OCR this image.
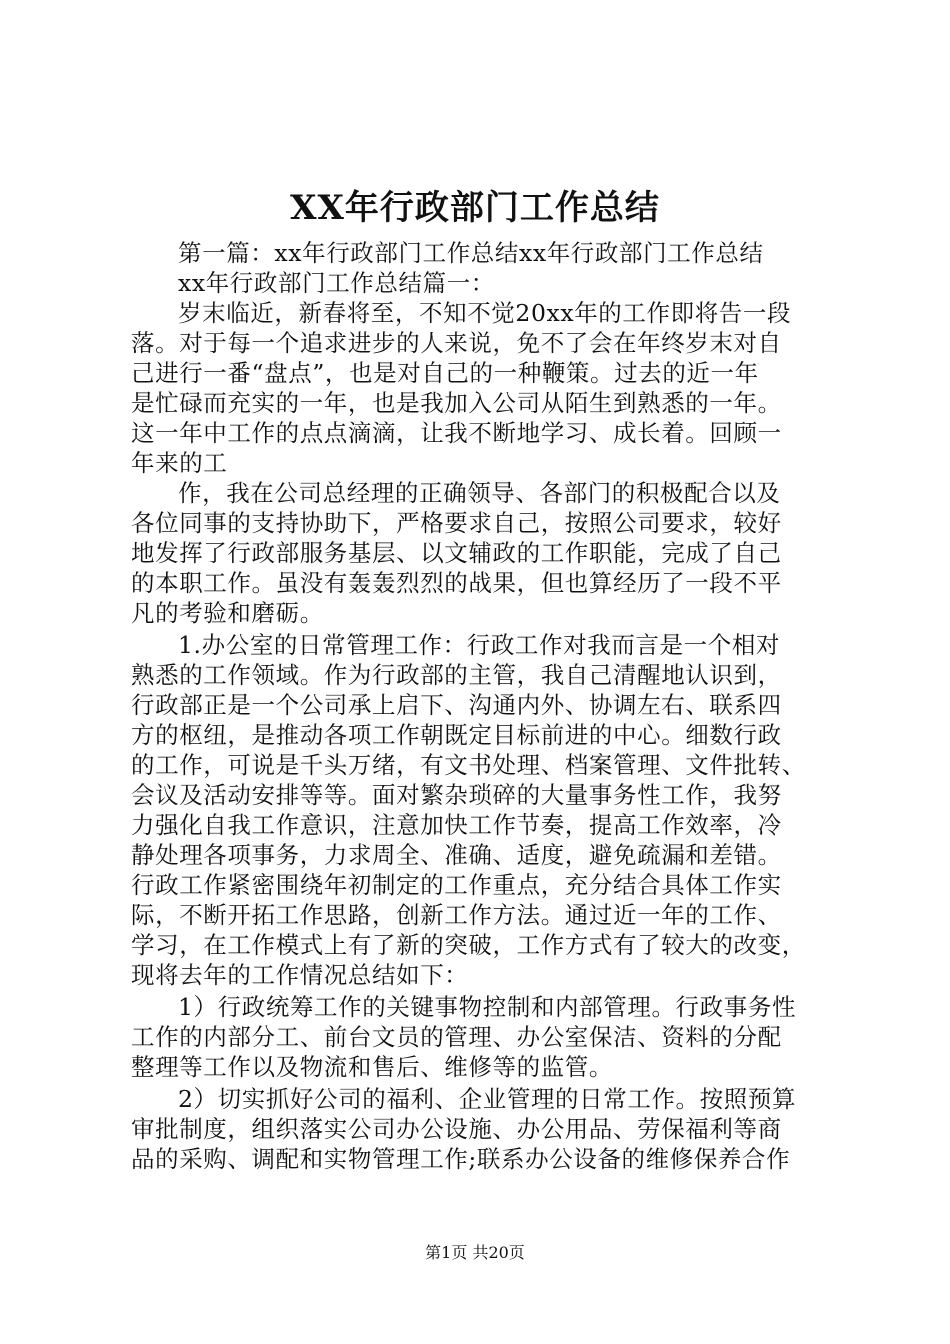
XX年行政部门工作总结
第一篇：xx年行政部门工作总结xx年行政部门工作总结
xx年行政部门工作总结篇一：
岁末临近，新春将至，不知不觉20xx年的工作即将告一段
落。对于每一个追求进步的人来说，免不了会在年终岁末对自
己进行一番“盘点”，也是对自己的一种鞭策。过去的近一年
是忙碌而充实的一年，也是我加入公司从陌生到熟悉的一年。
这一年中工作的点点滴滴，让我不断地学习、成长着。回顾一
年来的工
作，我在公司总经理的正确领导、各部门的积极配合以及
各位同事的支持协助下，严格要求自己，按照公司要求，较好
地发挥了行政部服务基层、以文辅政的工作职能，完成了自己
的本职工作。虽没有轰轰烈烈的战果，但也算经历了一段不平
凡的考验和磨砺。
1.办公室的日常管理工作：行政工作对我而言是一个相对
熟悉的工作领域。作为行政部的主管，我自己清醒地认识到，
行政部正是一个公司承上启下、沟通内外、协调左右、联系四
方的枢纽，是推动各项工作朝既定目标前进的中心。细数行政
的工作，可说是千头万绪，有文书处理、档案管理、文件批转、
会议及活动安排等等。面对繁杂琐碎的大量事务性工作，我努
力强化自我工作意识，注意加快工作节奏，提高工作效率，冷
静处理各项事务，力求周全、准确、适度，避免疏漏和差错。
行政工作紧密围绕年初制定的工作重点，充分结合具体工作实
际，不断开拓工作思路，创新工作方法。通过近一年的工作、
学习，在工作模式上有了新的突破，工作方式有了较大的改变，
现将去年的工作情况总结如下：
1）行政统筹工作的关键事物控制和内部管理。行政事务性
工作的内部分工、前台文员的管理、办公室保洁、资料的分配
整理等工作以及物流和售后、维修等的监管。
2）切实抓好公司的福利、企业管理的日常工作。按照预算
审批制度，组织落实公司办公设施、办公用品、劳保福利等商
品的采购、调配和实物管理工作;联系办公设备的维修保养合作
第1页 共20页
